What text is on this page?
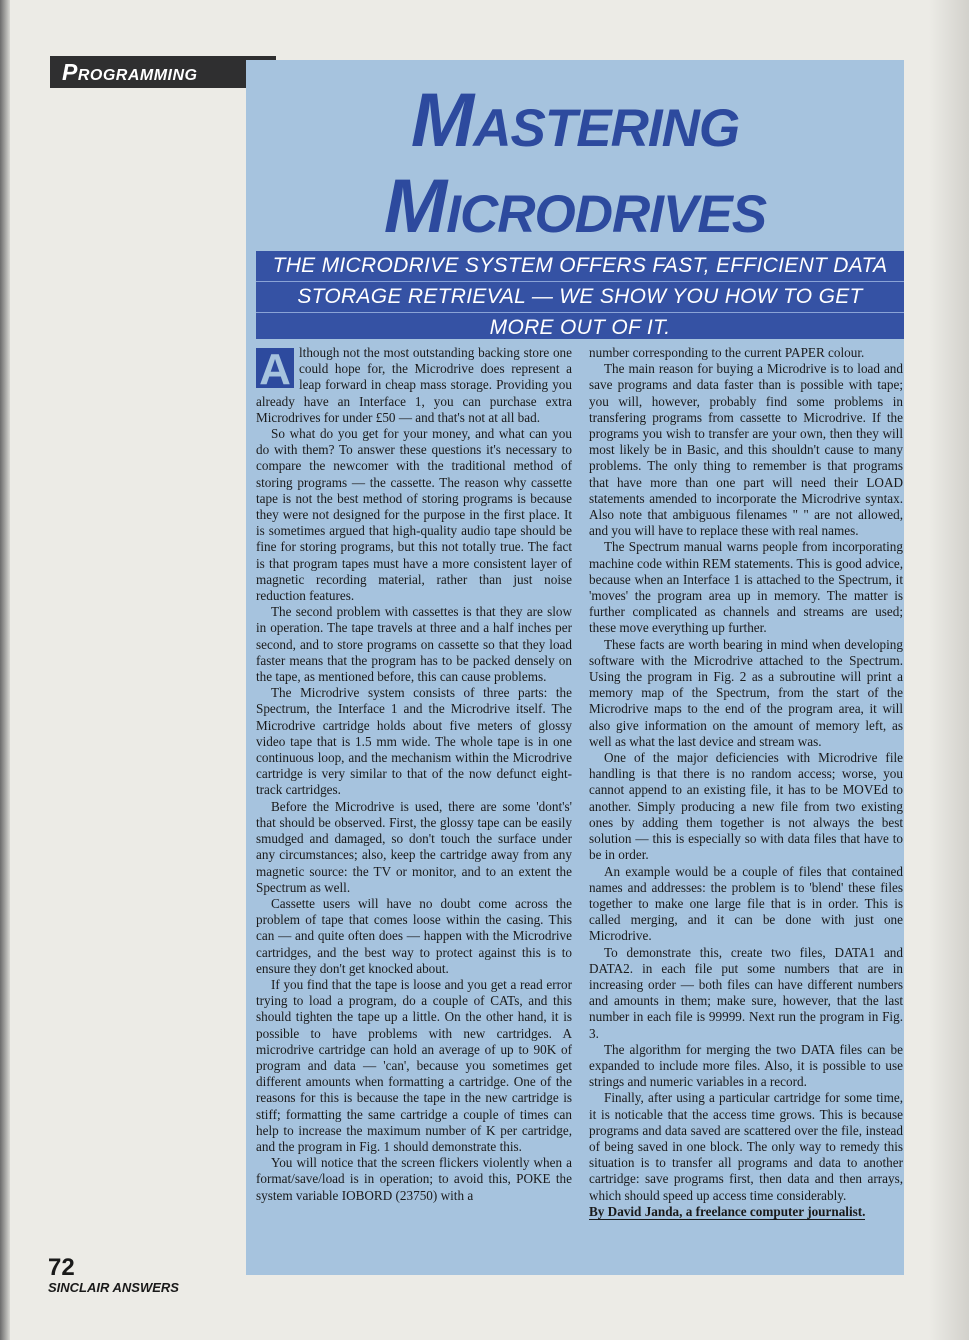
Programming
Mastering
Microdrives
THE MICRODRIVE SYSTEM OFFERS FAST, EFFICIENT DATA
STORAGE RETRIEVAL — WE SHOW YOU HOW TO GET
MORE OUT OF IT.

A lthough not the most outstanding backing store one could hope for, the Microdrive does represent a leap forward in cheap mass storage. Providing you already have an Interface 1, you can purchase extra Microdrives for under £50 — and that's not at all bad.

So what do you get for your money, and what can you do with them? To answer these questions it's necessary to compare the newcomer with the traditional method of storing programs — the cassette. The reason why cassette tape is not the best method of storing programs is because they were not designed for the purpose in the first place. It is sometimes argued that high-quality audio tape should be fine for storing programs, but this not totally true. The fact is that program tapes must have a more consistent layer of magnetic recording material, rather than just noise reduction features.

The second problem with cassettes is that they are slow in operation. The tape travels at three and a half inches per second, and to store programs on cassette so that they load faster means that the program has to be packed densely on the tape, as mentioned before, this can cause problems.

The Microdrive system consists of three parts: the Spectrum, the Interface 1 and the Microdrive itself. The Microdrive cartridge holds about five meters of glossy video tape that is 1.5 mm wide. The whole tape is in one continuous loop, and the mechanism within the Microdrive cartridge is very similar to that of the now defunct eight-track cartridges.

Before the Microdrive is used, there are some 'dont's' that should be observed. First, the glossy tape can be easily smudged and damaged, so don't touch the surface under any circumstances; also, keep the cartridge away from any magnetic source: the TV or monitor, and to an extent the Spectrum as well.

Cassette users will have no doubt come across the problem of tape that comes loose within the casing. This can — and quite often does — happen with the Microdrive cartridges, and the best way to protect against this is to ensure they don't get knocked about.

If you find that the tape is loose and you get a read error trying to load a program, do a couple of CATs, and this should tighten the tape up a little. On the other hand, it is possible to have problems with new cartridges. A microdrive cartridge can hold an average of up to 90K of program and data — 'can', because you sometimes get different amounts when formatting a cartridge. One of the reasons for this is because the tape in the new cartridge is stiff; formatting the same cartridge a couple of times can help to increase the maximum number of K per cartridge, and the program in Fig. 1 should demonstrate this.

You will notice that the screen flickers violently when a format/save/load is in operation; to avoid this, POKE the system variable IOBORD (23750) with a

number corresponding to the current PAPER colour.

The main reason for buying a Microdrive is to load and save programs and data faster than is possible with tape; you will, however, probably find some problems in transfering programs from cassette to Microdrive. If the programs you wish to transfer are your own, then they will most likely be in Basic, and this shouldn't cause to many problems. The only thing to remember is that programs that have more than one part will need their LOAD statements amended to incorporate the Microdrive syntax. Also note that ambiguous filenames " " are not allowed, and you will have to replace these with real names.

The Spectrum manual warns people from incorporating machine code within REM statements. This is good advice, because when an Interface 1 is attached to the Spectrum, it 'moves' the program area up in memory. The matter is further complicated as channels and streams are used; these move everything up further.

These facts are worth bearing in mind when developing software with the Microdrive attached to the Spectrum. Using the program in Fig. 2 as a subroutine will print a memory map of the Spectrum, from the start of the Microdrive maps to the end of the program area, it will also give information on the amount of memory left, as well as what the last device and stream was.

One of the major deficiencies with Microdrive file handling is that there is no random access; worse, you cannot append to an existing file, it has to be MOVEd to another. Simply producing a new file from two existing ones by adding them together is not always the best solution — this is especially so with data files that have to be in order.

An example would be a couple of files that contained names and addresses: the problem is to 'blend' these files together to make one large file that is in order. This is called merging, and it can be done with just one Microdrive.

To demonstrate this, create two files, DATA1 and DATA2. in each file put some numbers that are in increasing order — both files can have different numbers and amounts in them; make sure, however, that the last number in each file is 99999. Next run the program in Fig. 3.

The algorithm for merging the two DATA files can be expanded to include more files. Also, it is possible to use strings and numeric variables in a record.

Finally, after using a particular cartridge for some time, it is noticable that the access time grows. This is because programs and data saved are scattered over the file, instead of being saved in one block. The only way to remedy this situation is to transfer all programs and data to another cartridge: save programs first, then data and then arrays, which should speed up access time considerably.

By David Janda, a freelance computer journalist.

72
SINCLAIR ANSWERS
